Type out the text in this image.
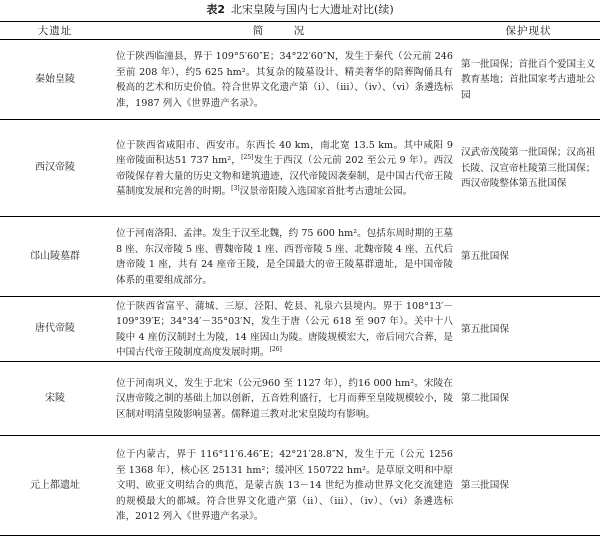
表2 北宋皇陵与国内七大遗址对比(续)
大遗址	简　况	保护现状
秦始皇陵	位于陕西临潼县，界于 109°5′60″E；34°22′60″N，发生于秦代（公元前 246 至前 208 年），约5 625 hm²。其复杂的陵墓设计、精美奢华的陪葬陶俑具有极高的艺术和历史价值。符合世界文化遗产第（i）、（iii）、（iv）、（vi）条遴选标准，1987 列入《世界遗产名录》。	第一批国保；首批百个爱国主义教育基地；首批国家考古遗址公园
西汉帝陵	位于陕西省咸阳市、西安市。东西长 40 km，南北宽 13.5 km。其中咸阳 9 座帝陵面积达51 737 hm²，[25]发生于西汉（公元前 202 至公元 9 年）。西汉帝陵保存着大量的历史文物和建筑遗迹，汉代帝陵因袭秦制，是中国古代帝王陵墓制度发展和完善的时期。[3]汉景帝阳陵入选国家首批考古遗址公园。	汉武帝茂陵第一批国保；汉高祖长陵、汉宣帝杜陵第三批国保；西汉帝陵整体第五批国保
邙山陵墓群	位于河南洛阳、孟津。发生于汉至北魏，约 75 600 hm²。包括东周时期的王墓 8 座、东汉帝陵 5 座、曹魏帝陵 1 座、西晋帝陵 5 座、北魏帝陵 4 座、五代后唐帝陵 1 座，共有 24 座帝王陵，是全国最大的帝王陵墓群遗址，是中国帝陵体系的重要组成部分。	第五批国保
唐代帝陵	位于陕西省富平、蒲城、三原、泾阳、乾县、礼泉六县境内。界于 108°13′－109°39′E；34°34′－35°03′N，发生于唐（公元 618 至 907 年）。关中十八陵中 4 座仿汉制封土为陵，14 座因山为陵。唐陵规模宏大，帝后同穴合葬，是中国古代帝王陵制度高度发展时期。[26]	第五批国保
宋陵	位于河南巩义，发生于北宋（公元960 至 1127 年），约16 000 hm²。宋陵在汉唐帝陵之制的基础上加以创新，五音姓利盛行，七月而葬至皇陵规模较小，陵区制对明清皇陵影响显著。儒释道三教对北宋皇陵均有影响。	第二批国保
元上都遗址	位于内蒙古，界于 116°11′6.46″E；42°21′28.8″N，发生于元（公元 1256 至 1368 年），核心区 25131 hm²；缓冲区 150722 hm²。是草原文明和中原文明、欧亚文明结合的典范，是蒙古族 13－14 世纪为推动世界文化交流建造的规模最大的都城。符合世界文化遗产第（ii）、（iii）、（iv）、（vi）条遴选标准，2012 列入《世界遗产名录》。	第三批国保
